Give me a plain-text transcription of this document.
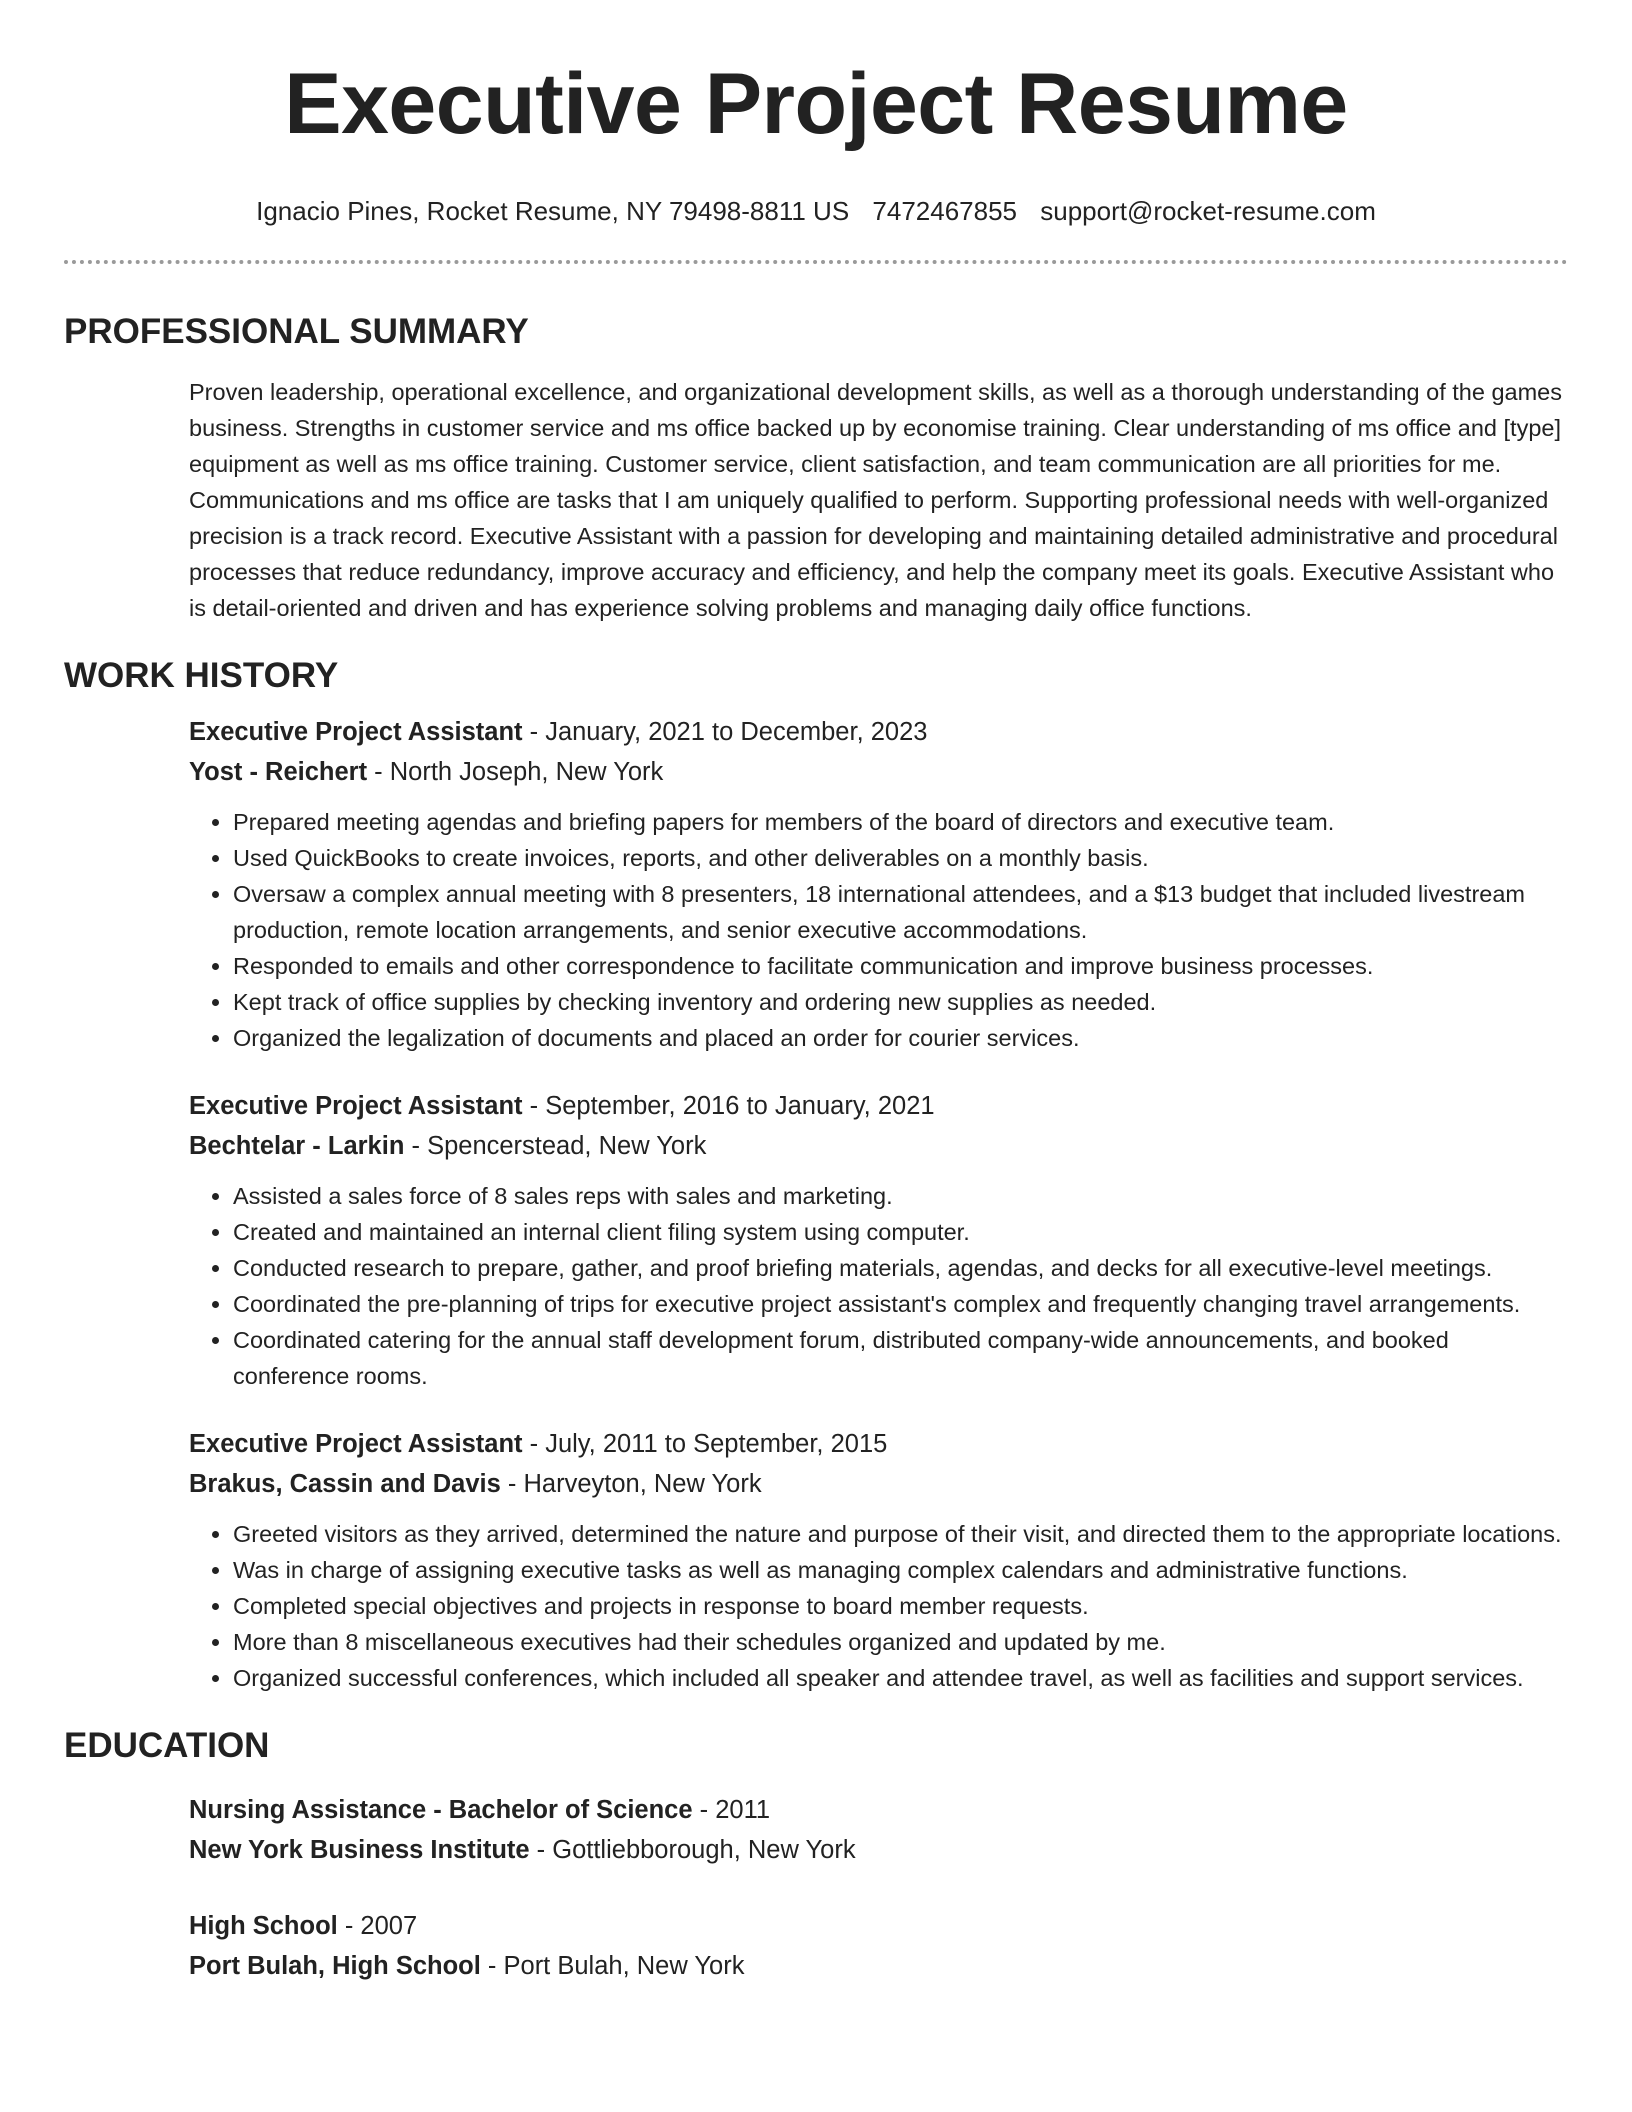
Executive Project Resume
Ignacio Pines, Rocket Resume, NY 79498-8811 US 7472467855 support@rocket-resume.com
PROFESSIONAL SUMMARY
Proven leadership, operational excellence, and organizational development skills, as well as a thorough understanding of the games business. Strengths in customer service and ms office backed up by economise training. Clear understanding of ms office and [type] equipment as well as ms office training. Customer service, client satisfaction, and team communication are all priorities for me. Communications and ms office are tasks that I am uniquely qualified to perform. Supporting professional needs with well-organized precision is a track record. Executive Assistant with a passion for developing and maintaining detailed administrative and procedural processes that reduce redundancy, improve accuracy and efficiency, and help the company meet its goals. Executive Assistant who is detail-oriented and driven and has experience solving problems and managing daily office functions.
WORK HISTORY
Executive Project Assistant - January, 2021 to December, 2023
Yost - Reichert - North Joseph, New York
• Prepared meeting agendas and briefing papers for members of the board of directors and executive team.
• Used QuickBooks to create invoices, reports, and other deliverables on a monthly basis.
• Oversaw a complex annual meeting with 8 presenters, 18 international attendees, and a $13 budget that included livestream production, remote location arrangements, and senior executive accommodations.
• Responded to emails and other correspondence to facilitate communication and improve business processes.
• Kept track of office supplies by checking inventory and ordering new supplies as needed.
• Organized the legalization of documents and placed an order for courier services.
Executive Project Assistant - September, 2016 to January, 2021
Bechtelar - Larkin - Spencerstead, New York
• Assisted a sales force of 8 sales reps with sales and marketing.
• Created and maintained an internal client filing system using computer.
• Conducted research to prepare, gather, and proof briefing materials, agendas, and decks for all executive-level meetings.
• Coordinated the pre-planning of trips for executive project assistant's complex and frequently changing travel arrangements.
• Coordinated catering for the annual staff development forum, distributed company-wide announcements, and booked conference rooms.
Executive Project Assistant - July, 2011 to September, 2015
Brakus, Cassin and Davis - Harveyton, New York
• Greeted visitors as they arrived, determined the nature and purpose of their visit, and directed them to the appropriate locations.
• Was in charge of assigning executive tasks as well as managing complex calendars and administrative functions.
• Completed special objectives and projects in response to board member requests.
• More than 8 miscellaneous executives had their schedules organized and updated by me.
• Organized successful conferences, which included all speaker and attendee travel, as well as facilities and support services.
EDUCATION
Nursing Assistance - Bachelor of Science - 2011
New York Business Institute - Gottliebborough, New York
High School - 2007
Port Bulah, High School - Port Bulah, New York
